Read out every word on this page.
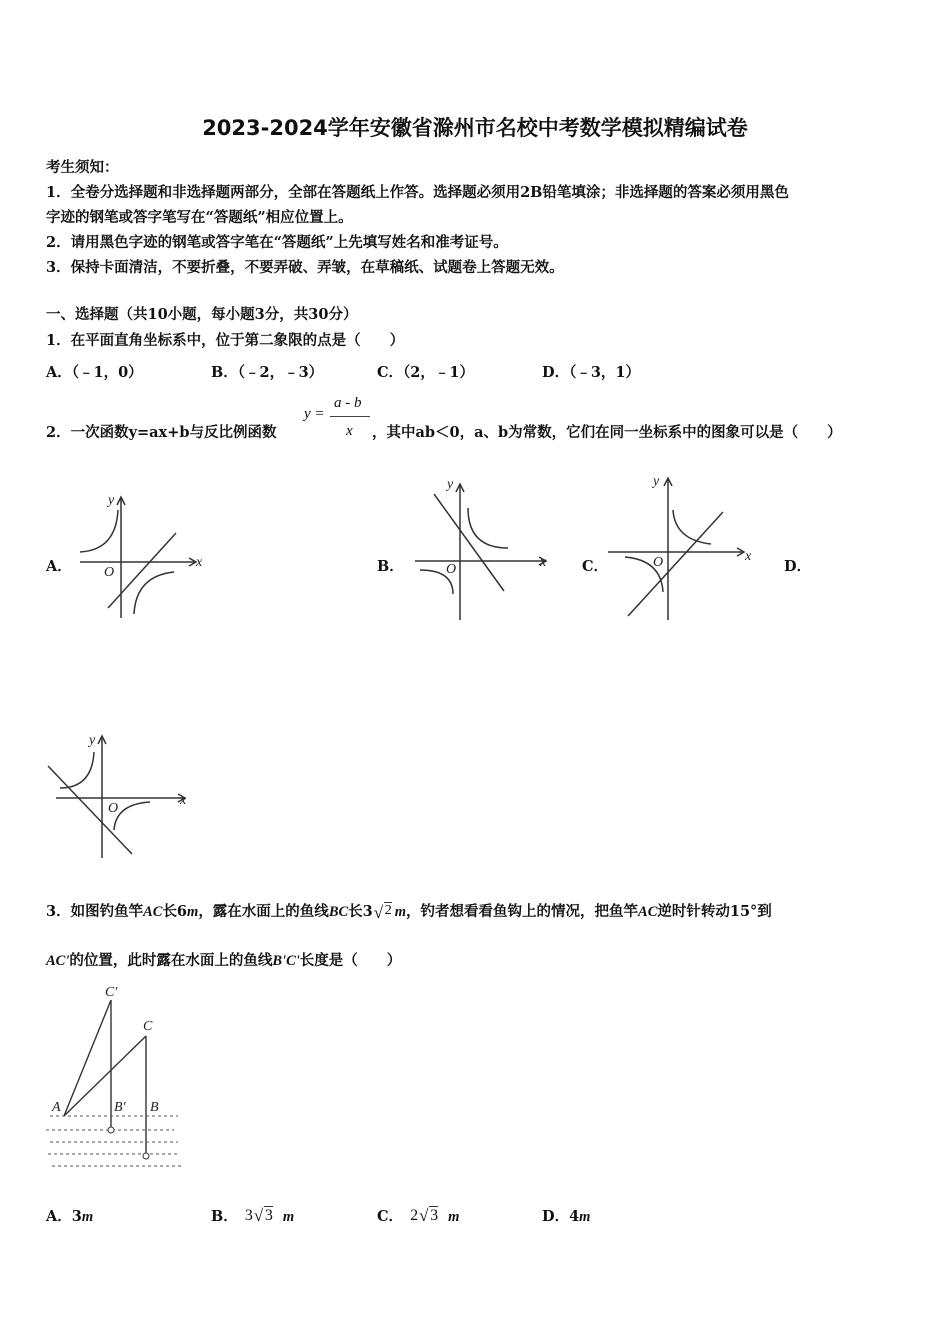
2023-2024学年安徽省滁州市名校中考数学模拟精编试卷
考生须知：
1．全卷分选择题和非选择题两部分，全部在答题纸上作答。选择题必须用2B铅笔填涂；非选择题的答案必须用黑色
字迹的钢笔或答字笔写在“答题纸”相应位置上。
2．请用黑色字迹的钢笔或答字笔在“答题纸”上先填写姓名和准考证号。
3．保持卡面清洁，不要折叠，不要弄破、弄皱，在草稿纸、试题卷上答题无效。
一、选择题（共10小题，每小题3分，共30分）
1．在平面直角坐标系中，位于第二象限的点是（　　）
A．（﹣1，0）	B．（﹣2，﹣3）	C．（2，﹣1）	D．（﹣3，1）
2．一次函数y=ax+b与反比例函数
y =
a - b
x ，其中ab＜0，a、b为常数，它们在同一坐标系中的图象可以是（　　）
A．	B．	C．	D．
O
x
y
O	x
y
O	x
y
O
x
y
3．如图钓鱼竿AC长6m，露在水面上的鱼线BC长3 √ 2 m，钓者想看看鱼钩上的情况，把鱼竿AC逆时针转动15°到
AC'的位置，此时露在水面上的鱼线B'C'长度是（　　）
C′
C
A	B′ B
A．3m	B． 3 √ 3 m	C． 2 √ 3 m	D．4m
